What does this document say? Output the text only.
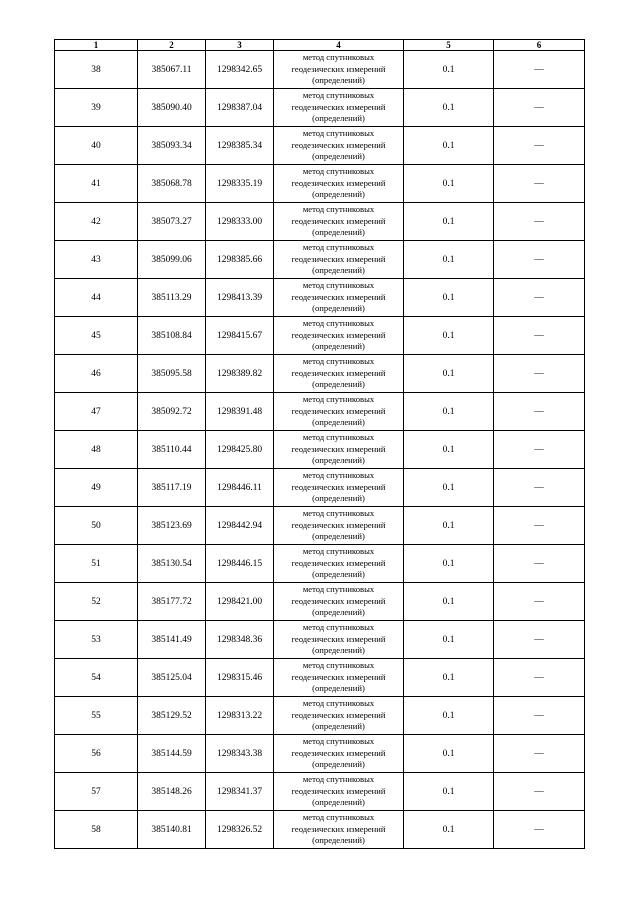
1	2	3	4	5	6
38	385067.11	1298342.65	метод спутниковых
геодезических измерений
(определений)	0.1	—
39	385090.40	1298387.04	метод спутниковых
геодезических измерений
(определений)	0.1	—
40	385093.34	1298385.34	метод спутниковых
геодезических измерений
(определений)	0.1	—
41	385068.78	1298335.19	метод спутниковых
геодезических измерений
(определений)	0.1	—
42	385073.27	1298333.00	метод спутниковых
геодезических измерений
(определений)	0.1	—
43	385099.06	1298385.66	метод спутниковых
геодезических измерений
(определений)	0.1	—
44	385113.29	1298413.39	метод спутниковых
геодезических измерений
(определений)	0.1	—
45	385108.84	1298415.67	метод спутниковых
геодезических измерений
(определений)	0.1	—
46	385095.58	1298389.82	метод спутниковых
геодезических измерений
(определений)	0.1	—
47	385092.72	1298391.48	метод спутниковых
геодезических измерений
(определений)	0.1	—
48	385110.44	1298425.80	метод спутниковых
геодезических измерений
(определений)	0.1	—
49	385117.19	1298446.11	метод спутниковых
геодезических измерений
(определений)	0.1	—
50	385123.69	1298442.94	метод спутниковых
геодезических измерений
(определений)	0.1	—
51	385130.54	1298446.15	метод спутниковых
геодезических измерений
(определений)	0.1	—
52	385177.72	1298421.00	метод спутниковых
геодезических измерений
(определений)	0.1	—
53	385141.49	1298348.36	метод спутниковых
геодезических измерений
(определений)	0.1	—
54	385125.04	1298315.46	метод спутниковых
геодезических измерений
(определений)	0.1	—
55	385129.52	1298313.22	метод спутниковых
геодезических измерений
(определений)	0.1	—
56	385144.59	1298343.38	метод спутниковых
геодезических измерений
(определений)	0.1	—
57	385148.26	1298341.37	метод спутниковых
геодезических измерений
(определений)	0.1	—
58	385140.81	1298326.52	метод спутниковых
геодезических измерений
(определений)	0.1	—
